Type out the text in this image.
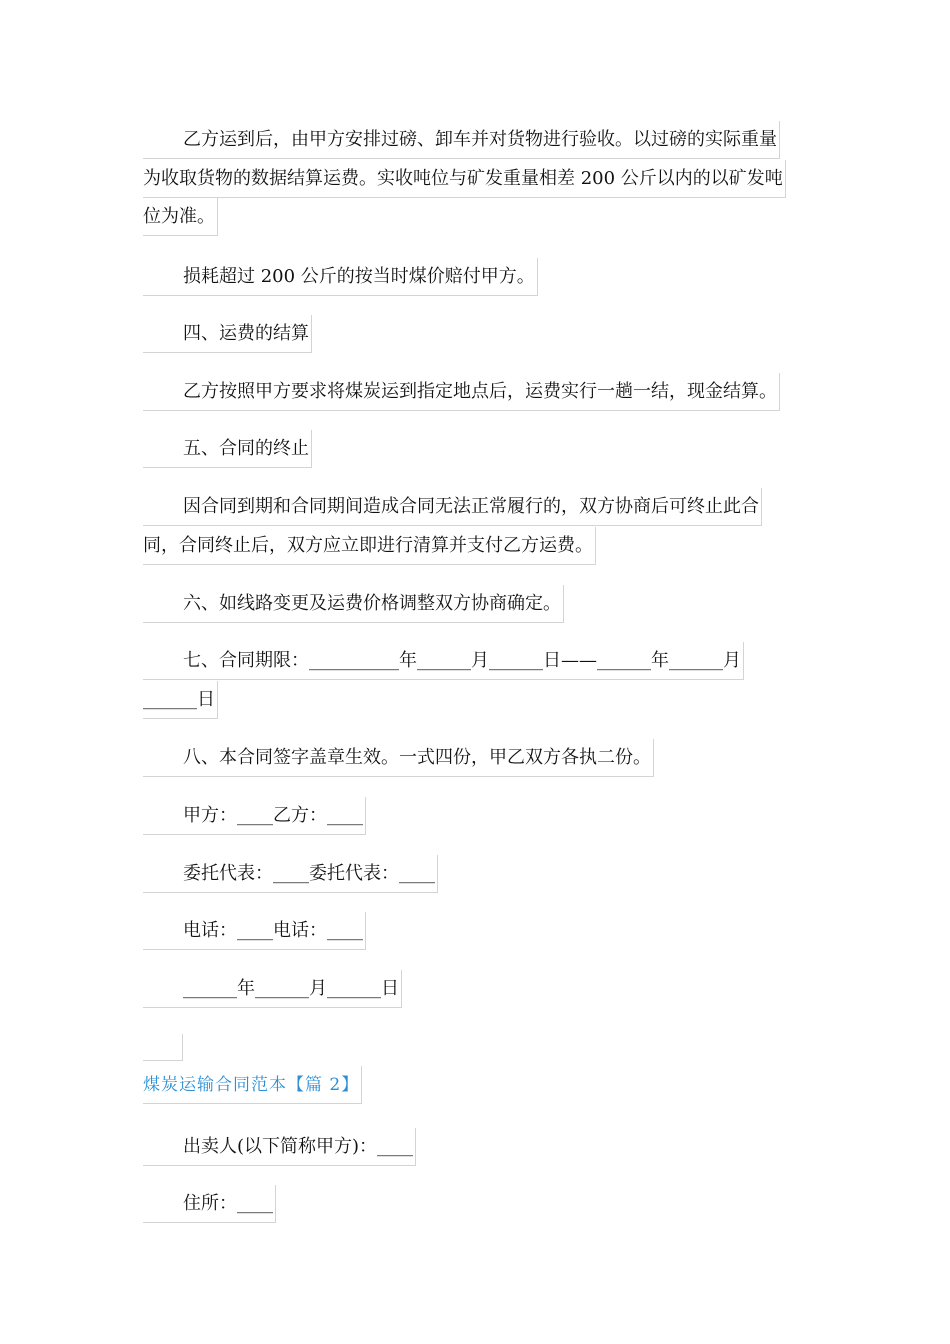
乙方运到后，由甲方安排过磅、卸车并对货物进行验收。以过磅的实际重量
为收取货物的数据结算运费。实收吨位与矿发重量相差 200 公斤以内的以矿发吨
位为准。
损耗超过 200 公斤的按当时煤价赔付甲方。
四、运费的结算
乙方按照甲方要求将煤炭运到指定地点后，运费实行一趟一结，现金结算。
五、合同的终止
因合同到期和合同期间造成合同无法正常履行的，双方协商后可终止此合
同，合同终止后，双方应立即进行清算并支付乙方运费。
六、如线路变更及运费价格调整双方协商确定。
七、合同期限：__________年______月______日——______年______月
______日
八、本合同签字盖章生效。一式四份，甲乙双方各执二份。
甲方：____乙方：____
委托代表：____委托代表：____
电话：____电话：____
______年______月______日
煤炭运输合同范本【篇 2】
出卖人(以下简称甲方)：____
住所：____
